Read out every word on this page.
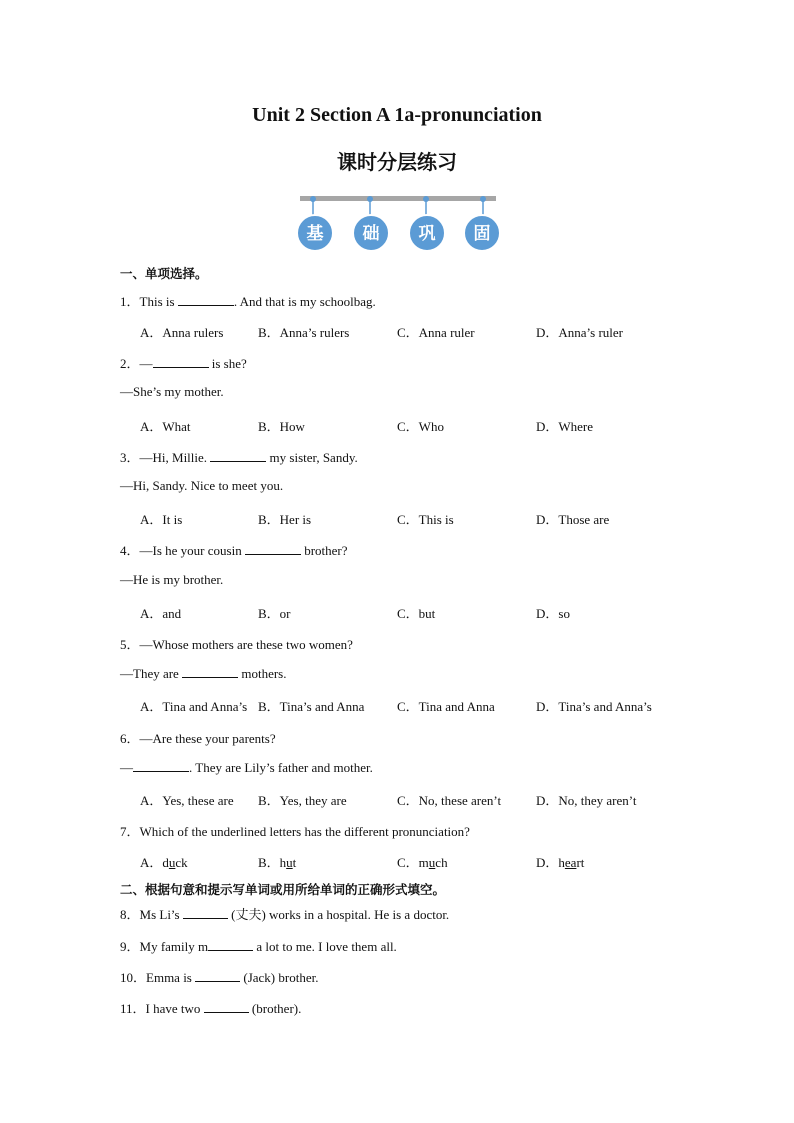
Unit 2 Section A 1a-pronunciation
课时分层练习
基 础 巩 固
一、单项选择。
1．This is	. And that is my schoolbag.
A．Anna rulers	B．Anna’s rulers	C．Anna ruler	D．Anna’s ruler
2．—	is she?
—She’s my mother.
A．What	B．How	C．Who	D．Where
3．—Hi, Millie.	my sister, Sandy.
—Hi, Sandy. Nice to meet you.
A．It is	B．Her is	C．This is	D．Those are
4．—Is he your cousin	brother?
—He is my brother.
A．and	B．or	C．but	D．so
5．—Whose mothers are these two women?
—They are	mothers.
A．Tina and Anna’s B．Tina’s and Anna	C．Tina and Anna	D．Tina’s and Anna’s
6．—Are these your parents?
—	. They are Lily’s father and mother.
A．Yes, these are B．Yes, they are	C．No, these aren’t	D．No, they aren’t
7．Which of the underlined letters has the different pronunciation?
A．duck	B．hut	C．much	D．heart
二、根据句意和提示写单词或用所给单词的正确形式填空。
8．Ms Li’s	(丈夫) works in a hospital. He is a doctor.
9．My family m	a lot to me. I love them all.
10．Emma is	(Jack) brother.
11．I have two	(brother).
